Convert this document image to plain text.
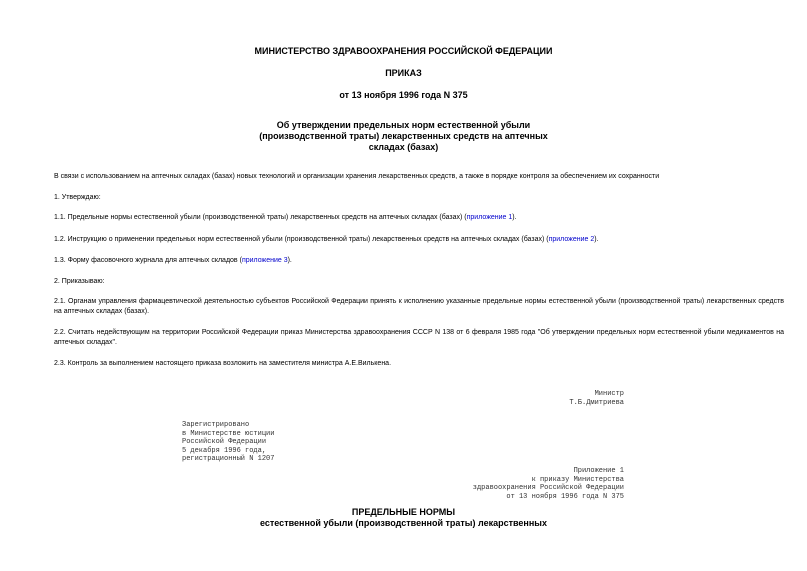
МИНИСТЕРСТВО ЗДРАВООХРАНЕНИЯ РОССИЙСКОЙ ФЕДЕРАЦИИ
ПРИКАЗ
от 13 ноября 1996 года N 375
Об утверждении предельных норм естественной убыли
(производственной траты) лекарственных средств на аптечных
складах (базах)
В связи с использованием на аптечных складах (базах) новых технологий и организации хранения лекарственных средств, а также в порядке контроля за обеспечением их сохранности
1. Утверждаю:
1.1. Предельные нормы естественной убыли (производственной траты) лекарственных средств на аптечных складах (базах) (приложение 1).
1.2. Инструкцию о применении предельных норм естественной убыли (производственной траты) лекарственных средств на аптечных складах (базах) (приложение 2).
1.3. Форму фасовочного журнала для аптечных складов (приложение 3).
2. Приказываю:
2.1. Органам управления фармацевтической деятельностью субъектов Российской Федерации принять к исполнению указанные предельные нормы естественной убыли (производственной траты) лекарственных средств на аптечных складах (базах).
2.2. Считать недействующим на территории Российской Федерации приказ Министерства здравоохранения СССР N 138 от 6 февраля 1985 года "Об утверждении предельных норм естественной убыли медикаментов на аптечных складах".
2.3. Контроль за выполнением настоящего приказа возложить на заместителя министра А.Е.Вилькена.
Министр
Т.Б.Дмитриева
Зарегистрировано
в Министерстве юстиции
Российской Федерации
5 декабря 1996 года,
регистрационный N 1207
Приложение 1
к приказу Министерства
здравоохранения Российской Федерации
от 13 ноября 1996 года N 375
ПРЕДЕЛЬНЫЕ НОРМЫ
естественной убыли (производственной траты) лекарственных
